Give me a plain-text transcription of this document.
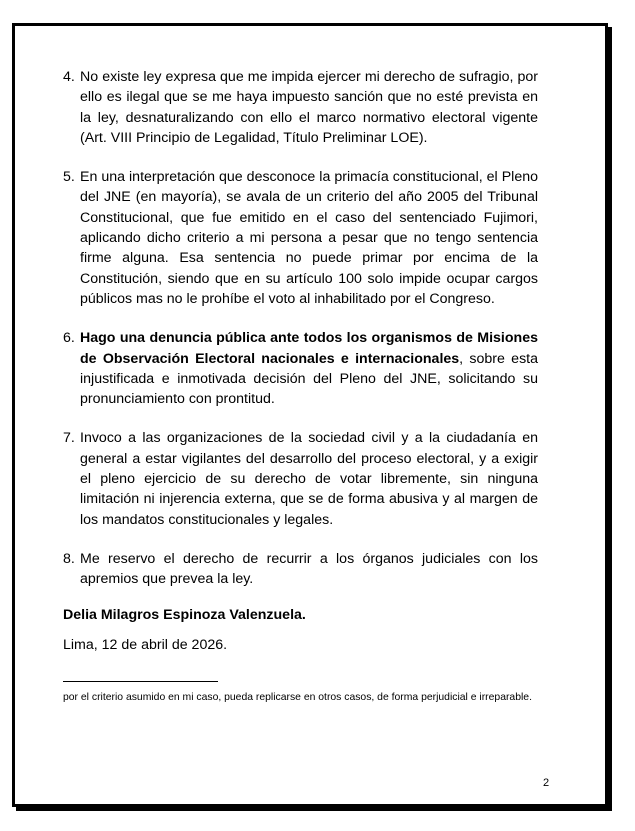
4. No existe ley expresa que me impida ejercer mi derecho de sufragio, por ello es ilegal que se me haya impuesto sanción que no esté prevista en la ley, desnaturalizando con ello el marco normativo electoral vigente (Art. VIII Principio de Legalidad, Título Preliminar LOE).
5. En una interpretación que desconoce la primacía constitucional, el Pleno del JNE (en mayoría), se avala de un criterio del año 2005 del Tribunal Constitucional, que fue emitido en el caso del sentenciado Fujimori, aplicando dicho criterio a mi persona a pesar que no tengo sentencia firme alguna. Esa sentencia no puede primar por encima de la Constitución, siendo que en su artículo 100 solo impide ocupar cargos públicos mas no le prohíbe el voto al inhabilitado por el Congreso.
6. Hago una denuncia pública ante todos los organismos de Misiones de Observación Electoral nacionales e internacionales, sobre esta injustificada e inmotivada decisión del Pleno del JNE, solicitando su pronunciamiento con prontitud.
7. Invoco a las organizaciones de la sociedad civil y a la ciudadanía en general a estar vigilantes del desarrollo del proceso electoral, y a exigir el pleno ejercicio de su derecho de votar libremente, sin ninguna limitación ni injerencia externa, que se de forma abusiva y al margen de los mandatos constitucionales y legales.
8. Me reservo el derecho de recurrir a los órganos judiciales con los apremios que prevea la ley.
Delia Milagros Espinoza Valenzuela.
Lima, 12 de abril de 2026.
por el criterio asumido en mi caso, pueda replicarse en otros casos, de forma perjudicial e irreparable.
2
